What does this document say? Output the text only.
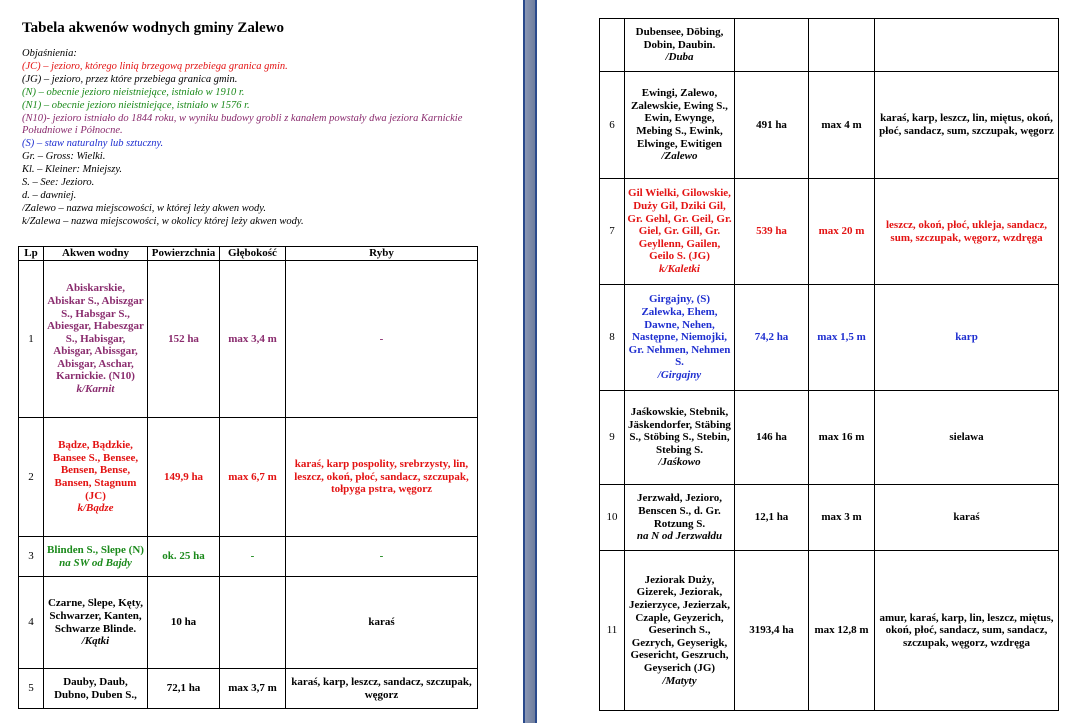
Tabela akwenów wodnych gminy Zalewo
Objaśnienia:
(JC) – jezioro, którego linią brzegową przebiega granica gmin.
(JG) – jezioro, przez które przebiega granica gmin.
(N) – obecnie jezioro nieistniejące, istniało w 1910 r.
(N1) – obecnie jezioro nieistniejące, istniało w 1576 r.
(N10)- jezioro istniało do 1844 roku, w wyniku budowy grobli z kanałem powstały dwa jeziora Karnickie Południowe i Północne.
(S) – staw naturalny lub sztuczny.
Gr. – Gross: Wielki.
Kl. – Kleiner: Mniejszy.
S. – See: Jezioro.
d. – dawniej.
/Zalewo – nazwa miejscowości, w której leży akwen wody.
k/Zalewa – nazwa miejscowości, w okolicy której leży akwen wody.
Lp	Akwen wodny	Powierzchnia	Głębokość	Ryby
1	Abiskarskie, Abiskar S., Abiszgar S., Habsgar S., Abiesgar, Habeszgar S., Habisgar, Abisgar, Abissgar, Abisgar, Aschar, Karnickie. (N10)
k/Karnit	152 ha	max 3,4 m	-
2	Bądze, Bądzkie, Bansee S., Bensee, Bensen, Bense, Bansen, Stagnum (JC)
k/Bądze	149,9 ha	max 6,7 m	karaś, karp pospolity, srebrzysty, lin, leszcz, okoń, płoć, sandacz, szczupak, tołpyga pstra, węgorz
3	Blinden S., Slepe (N)
na SW od Bajdy	ok. 25 ha	-	-
4	Czarne, Slepe, Kęty, Schwarzer, Kanten, Schwarze Blinde.
/Kątki	10 ha		karaś
5	Dauby, Daub, Dubno, Duben S.,	72,1 ha	max 3,7 m	karaś, karp, leszcz, sandacz, szczupak, węgorz
	Dubensee, Döbing, Dobin, Daubin.
/Duba			

6	Ewingi, Zalewo, Zalewskie, Ewing S., Ewin, Ewynge, Mebing S., Ewink, Elwinge, Ewitigen
/Zalewo	491 ha	max 4 m	karaś, karp, leszcz, lin, miętus, okoń, płoć, sandacz, sum, szczupak, węgorz
7	Gil Wielki, Gilowskie, Duży Gil, Dziki Gil, Gr. Gehl, Gr. Geil, Gr. Giel, Gr. Gill, Gr. Geyllenn, Gailen, Geilo S. (JG)
k/Kaletki	539 ha	max 20 m	leszcz, okoń, płoć, ukleja, sandacz, sum, szczupak, węgorz, wzdręga
8	Girgajny, (S) Zalewka, Ehem, Dawne, Nehen, Następne, Niemojki, Gr. Nehmen, Nehmen S.
/Girgajny	74,2 ha	max 1,5 m	karp
9	Jaśkowskie, Stebnik, Jäskendorfer, Stäbing S., Stöbing S., Stebin, Stebing S.
/Jaśkowo	146 ha	max 16 m	sielawa
10	Jerzwałd, Jezioro, Benscen S., d. Gr. Rotzung S.
na N od Jerzwałdu	12,1 ha	max 3 m	karaś
11	Jeziorak Duży, Gizerek, Jeziorak, Jezierzyce, Jezierzak, Czaple, Geyzerich, Geserinch S., Gezrych, Geyserigk, Gesericht, Geszruch, Geyserich (JG)
/Matyty	3193,4 ha	max 12,8 m	amur, karaś, karp, lin, leszcz, miętus, okoń, płoć, sandacz, sum, sandacz, szczupak, węgorz, wzdręga
